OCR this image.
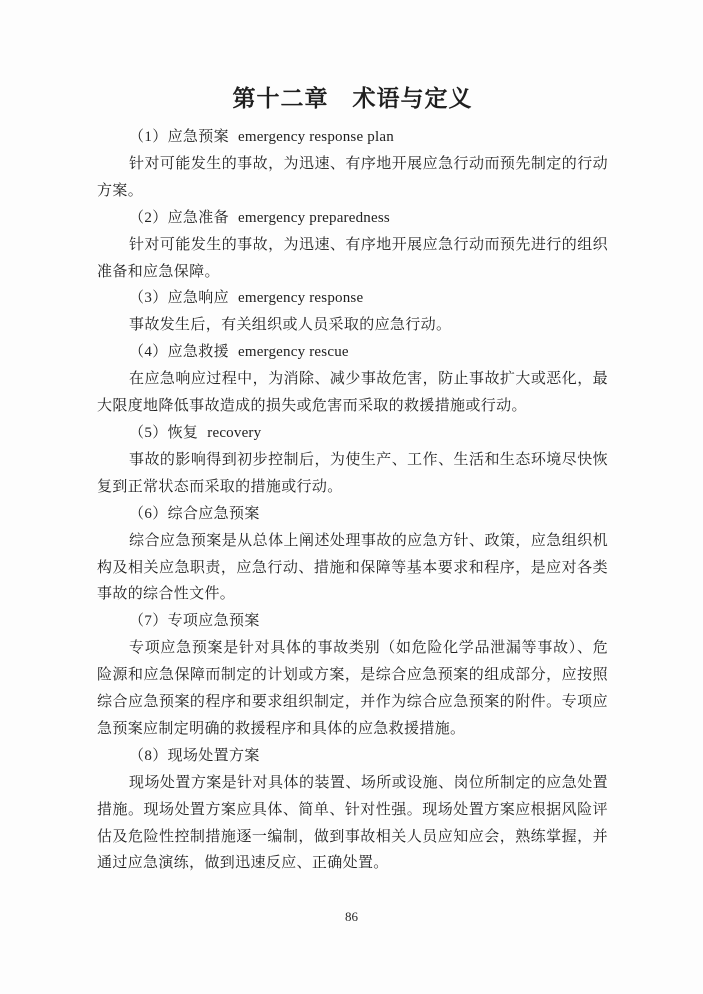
第十二章　术语与定义

（1）应急预案 emergency response plan

针对可能发生的事故，为迅速、有序地开展应急行动而预先制定的行动方案。

（2）应急准备 emergency preparedness

针对可能发生的事故，为迅速、有序地开展应急行动而预先进行的组织准备和应急保障。

（3）应急响应 emergency response

事故发生后，有关组织或人员采取的应急行动。

（4）应急救援 emergency rescue

在应急响应过程中，为消除、减少事故危害，防止事故扩大或恶化，最大限度地降低事故造成的损失或危害而采取的救援措施或行动。

（5）恢复 recovery

事故的影响得到初步控制后，为使生产、工作、生活和生态环境尽快恢复到正常状态而采取的措施或行动。

（6）综合应急预案

综合应急预案是从总体上阐述处理事故的应急方针、政策，应急组织机构及相关应急职责，应急行动、措施和保障等基本要求和程序，是应对各类事故的综合性文件。

（7）专项应急预案

专项应急预案是针对具体的事故类别（如危险化学品泄漏等事故）、危险源和应急保障而制定的计划或方案，是综合应急预案的组成部分，应按照综合应急预案的程序和要求组织制定，并作为综合应急预案的附件。专项应急预案应制定明确的救援程序和具体的应急救援措施。

（8）现场处置方案

现场处置方案是针对具体的装置、场所或设施、岗位所制定的应急处置措施。现场处置方案应具体、简单、针对性强。现场处置方案应根据风险评估及危险性控制措施逐一编制，做到事故相关人员应知应会，熟练掌握，并通过应急演练，做到迅速反应、正确处置。

86
